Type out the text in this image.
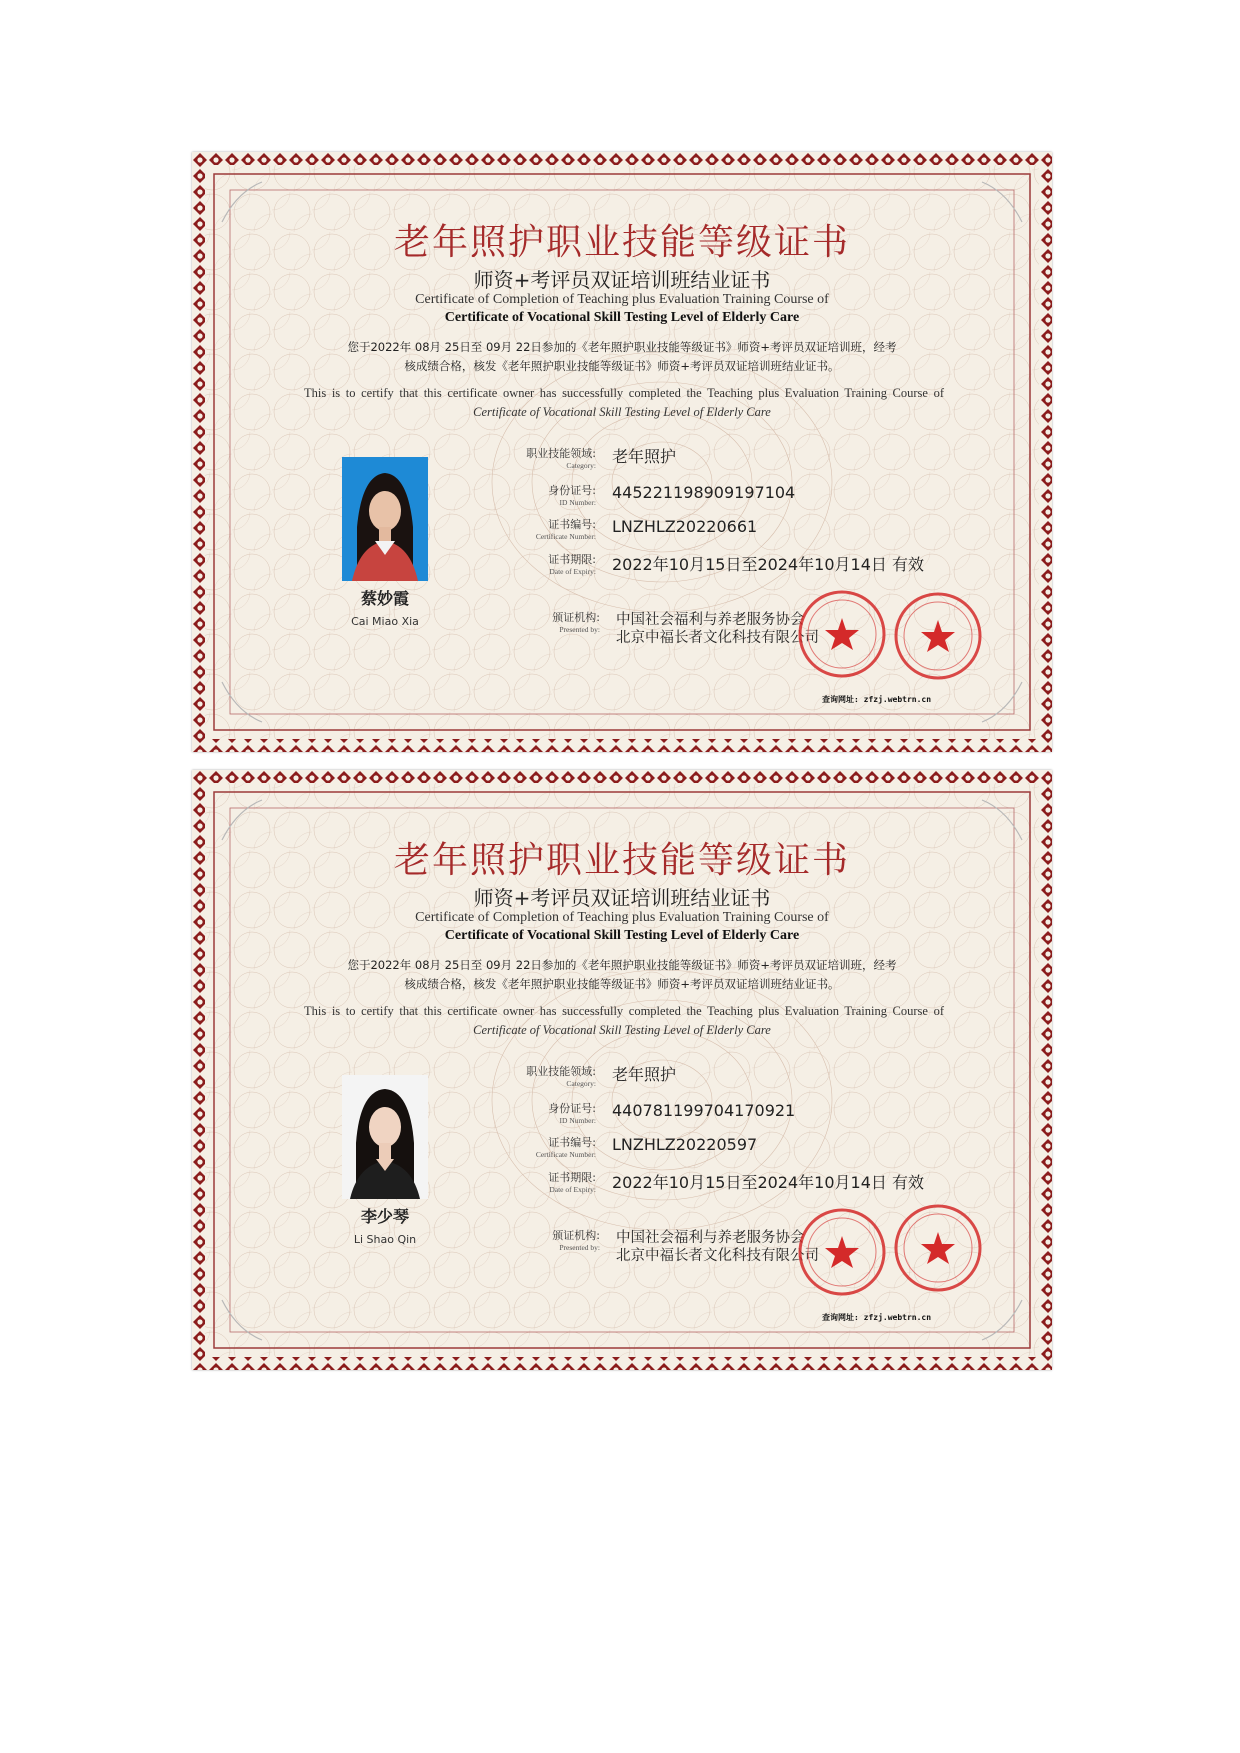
老年照护职业技能等级证书
师资+考评员双证培训班结业证书
Certificate of Completion of Teaching plus Evaluation Training Course of
Certificate of Vocational Skill Testing Level of Elderly Care
您于2022年 08月 25日至 09月 22日参加的《老年照护职业技能等级证书》师资+考评员双证培训班，经考
核成绩合格，核发《老年照护职业技能等级证书》师资+考评员双证培训班结业证书。
This is to certify that this certificate owner has successfully completed the Teaching plus Evaluation Training Course of
Certificate of Vocational Skill Testing Level of Elderly Care
蔡妙霞
Cai Miao Xia
职业技能领域:
Category: 老年照护
身份证号:
ID Number:
445221198909197104
证书编号:
Certificate Number:
LNZHLZ20220661
证书期限:
Date of Expiry: 2022年10月15日至2024年10月14日 有效
颁证机构:
Presented by:
中国社会福利与养老服务协会
北京中福长者文化科技有限公司
查询网址: zfzj.webtrn.cn
老年照护职业技能等级证书
师资+考评员双证培训班结业证书
Certificate of Completion of Teaching plus Evaluation Training Course of
Certificate of Vocational Skill Testing Level of Elderly Care
您于2022年 08月 25日至 09月 22日参加的《老年照护职业技能等级证书》师资+考评员双证培训班，经考
核成绩合格，核发《老年照护职业技能等级证书》师资+考评员双证培训班结业证书。
This is to certify that this certificate owner has successfully completed the Teaching plus Evaluation Training Course of
Certificate of Vocational Skill Testing Level of Elderly Care
李少琴
Li Shao Qin
职业技能领域:
Category: 老年照护
身份证号:
ID Number:
440781199704170921
证书编号:
Certificate Number:
LNZHLZ20220597
证书期限:
Date of Expiry: 2022年10月15日至2024年10月14日 有效
颁证机构:
Presented by:
中国社会福利与养老服务协会
北京中福长者文化科技有限公司
查询网址: zfzj.webtrn.cn
